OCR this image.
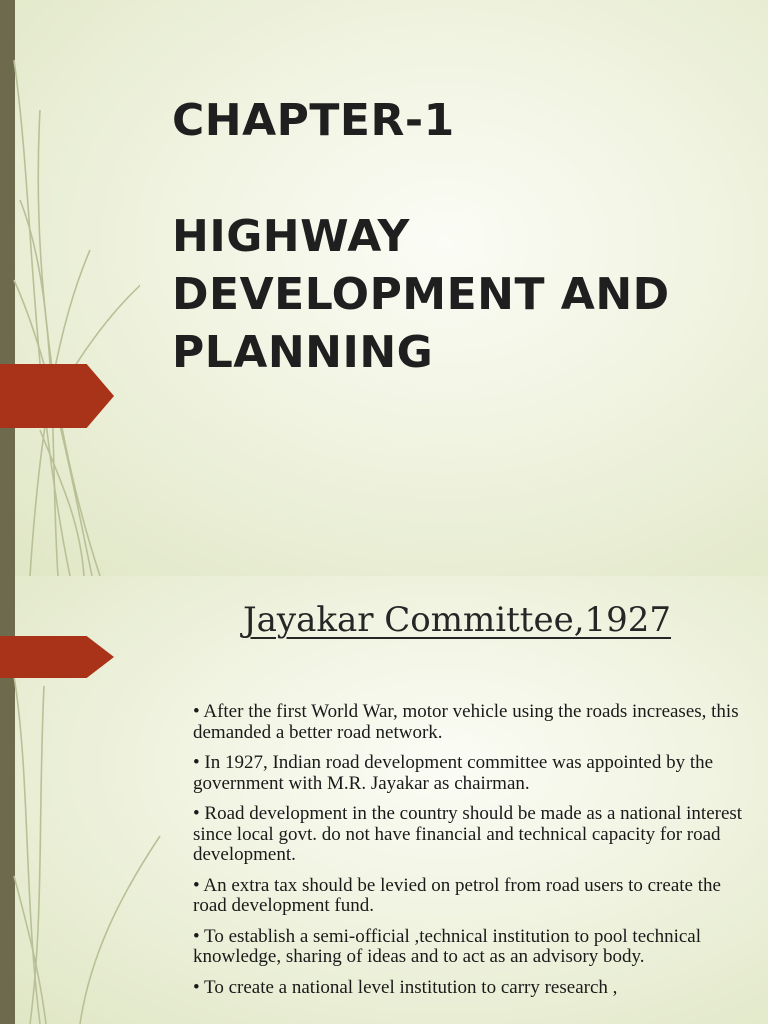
CHAPTER-1
HIGHWAY
DEVELOPMENT AND
PLANNING
Jayakar Committee,1927
• After the first World War, motor vehicle using the roads increases, this demanded a better road network.
• In 1927, Indian road development committee was appointed by the government with M.R. Jayakar as chairman.
• Road development in the country should be made as a national interest since local govt. do not have financial and technical capacity for road development.
• An extra tax should be levied on petrol from road users to create the road development fund.
• To establish a semi-official ,technical institution to pool technical knowledge, sharing of ideas and to act as an advisory body.
• To create a national level institution to carry research ,
